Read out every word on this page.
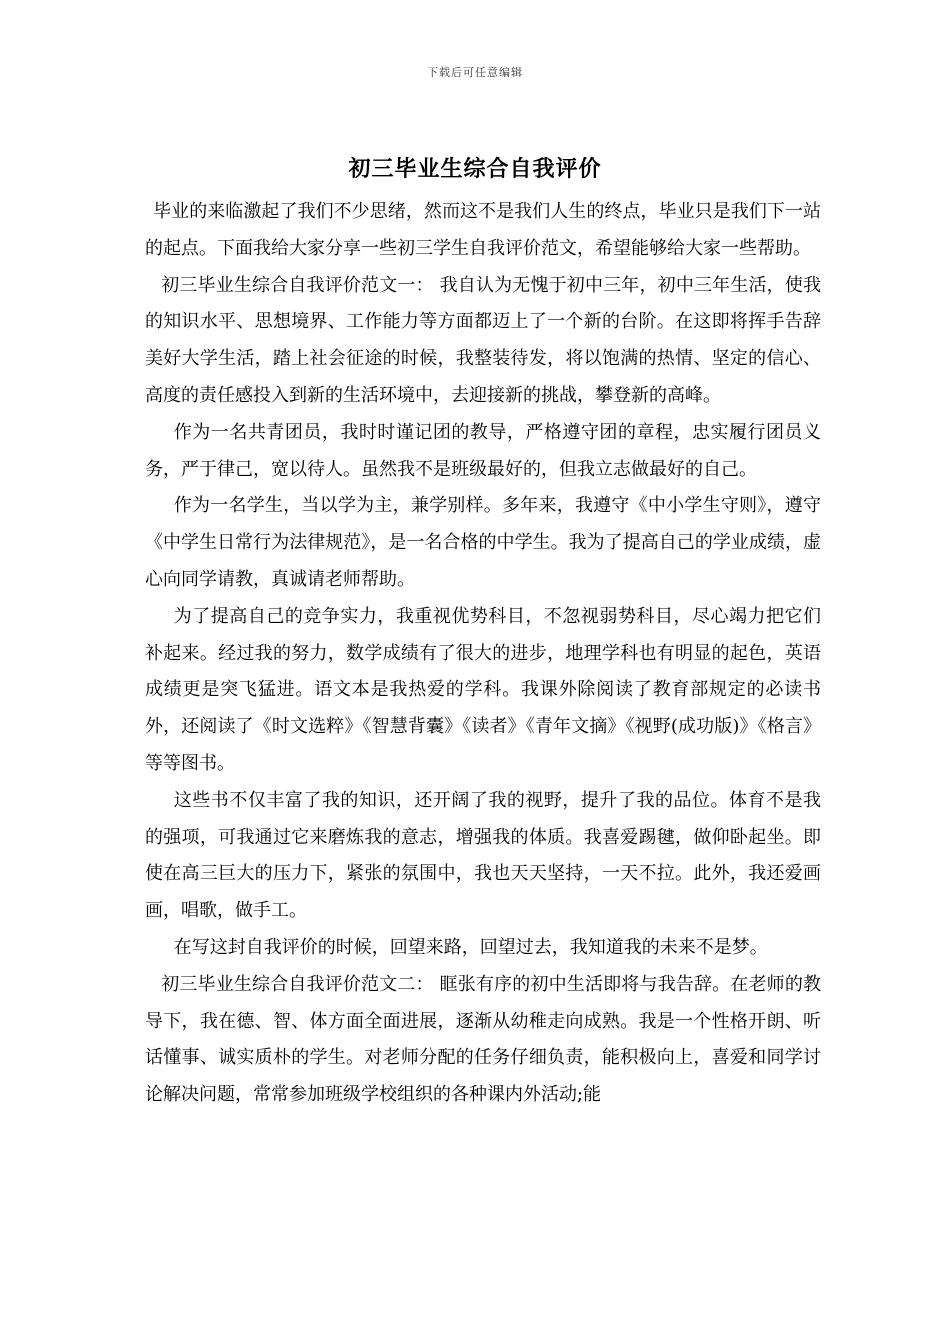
下载后可任意编辑
初三毕业生综合自我评价

毕业的来临激起了我们不少思绪，然而这不是我们人生的终点，毕业只是我们下一站的起点。下面我给大家分享一些初三学生自我评价范文，希望能够给大家一些帮助。

初三毕业生综合自我评价范文一： 我自认为无愧于初中三年，初中三年生活，使我的知识水平、思想境界、工作能力等方面都迈上了一个新的台阶。在这即将挥手告辞美好大学生活，踏上社会征途的时候，我整装待发，将以饱满的热情、坚定的信心、高度的责任感投入到新的生活环境中，去迎接新的挑战，攀登新的高峰。

作为一名共青团员，我时时谨记团的教导，严格遵守团的章程，忠实履行团员义务，严于律己，宽以待人。虽然我不是班级最好的，但我立志做最好的自己。

作为一名学生，当以学为主，兼学别样。多年来，我遵守《中小学生守则》，遵守《中学生日常行为法律规范》，是一名合格的中学生。我为了提高自己的学业成绩，虚心向同学请教，真诚请老师帮助。

为了提高自己的竞争实力，我重视优势科目，不忽视弱势科目，尽心竭力把它们补起来。经过我的努力，数学成绩有了很大的进步，地理学科也有明显的起色，英语成绩更是突飞猛进。语文本是我热爱的学科。我课外除阅读了教育部规定的必读书外，还阅读了《时文选粹》《智慧背囊》《读者》《青年文摘》《视野(成功版)》《格言》等等图书。

这些书不仅丰富了我的知识，还开阔了我的视野，提升了我的品位。体育不是我的强项，可我通过它来磨炼我的意志，增强我的体质。我喜爱踢毽，做仰卧起坐。即使在高三巨大的压力下，紧张的氛围中，我也天天坚持，一天不拉。此外，我还爱画画，唱歌，做手工。

在写这封自我评价的时候，回望来路，回望过去，我知道我的未来不是梦。

初三毕业生综合自我评价范文二： 眶张有序的初中生活即将与我告辞。在老师的教导下，我在德、智、体方面全面进展，逐渐从幼稚走向成熟。我是一个性格开朗、听话懂事、诚实质朴的学生。对老师分配的任务仔细负责，能积极向上，喜爱和同学讨论解决问题，常常参加班级学校组织的各种课内外活动;能
